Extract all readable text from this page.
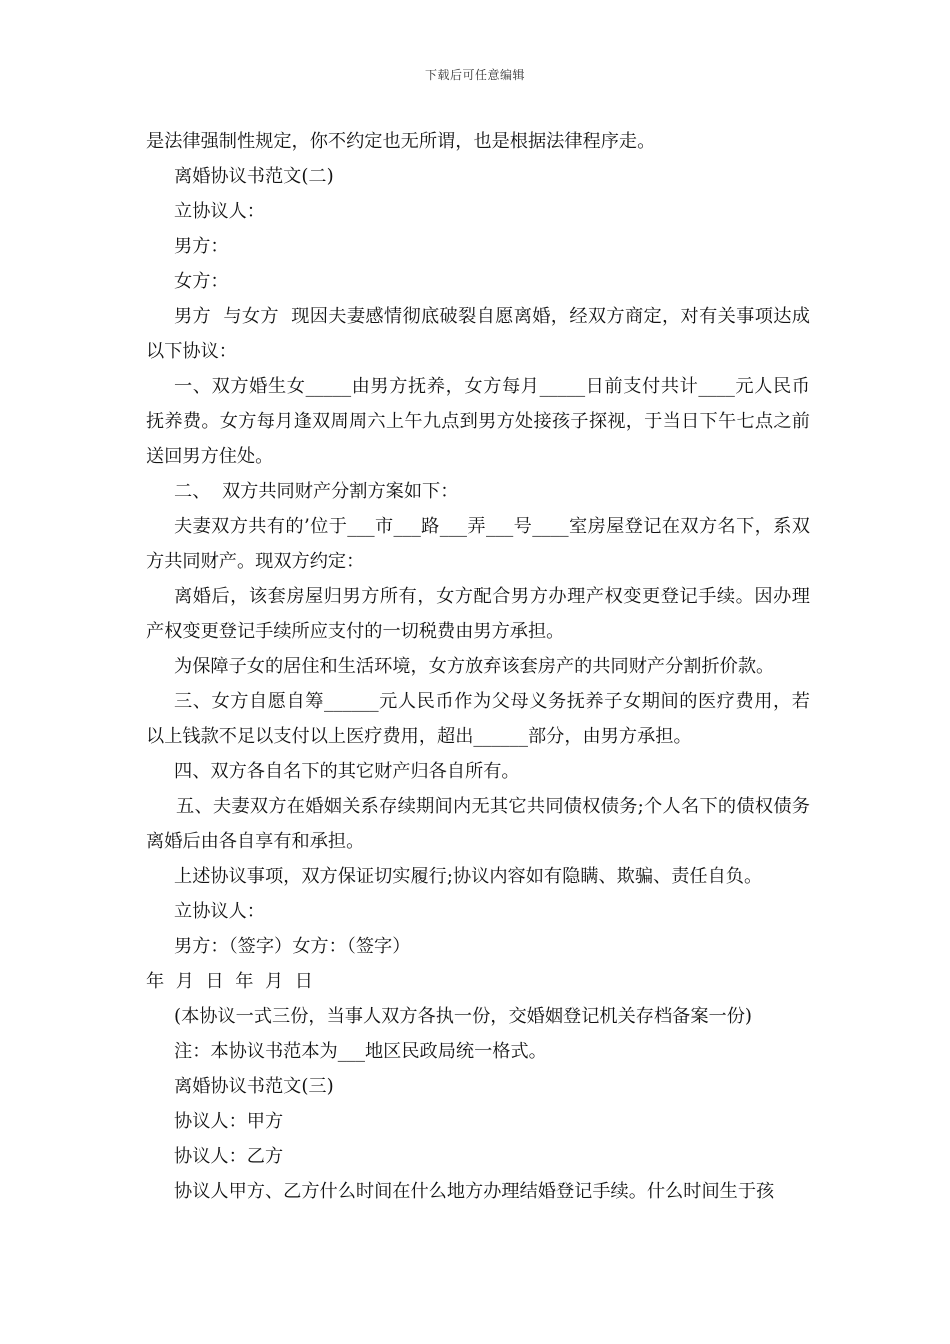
下载后可任意编辑

是法律强制性规定，你不约定也无所谓，也是根据法律程序走。

离婚协议书范文(二)

立协议人：

男方：

女方：

男方  与女方  现因夫妻感情彻底破裂自愿离婚，经双方商定，对有关事项达成以下协议：

一、双方婚生女_____由男方抚养，女方每月_____日前支付共计____元人民币抚养费。女方每月逢双周周六上午九点到男方处接孩子探视，于当日下午七点之前送回男方住处。

二、  双方共同财产分割方案如下：

夫妻双方共有的’位于___市___路___弄___号____室房屋登记在双方名下，系双方共同财产。现双方约定：

离婚后，该套房屋归男方所有，女方配合男方办理产权变更登记手续。因办理产权变更登记手续所应支付的一切税费由男方承担。

为保障子女的居住和生活环境，女方放弃该套房产的共同财产分割折价款。

三、女方自愿自筹______元人民币作为父母义务抚养子女期间的医疗费用，若以上钱款不足以支付以上医疗费用，超出______部分，由男方承担。

四、双方各自名下的其它财产归各自所有。

五、夫妻双方在婚姻关系存续期间内无其它共同债权债务;个人名下的债权债务离婚后由各自享有和承担。

上述协议事项，双方保证切实履行;协议内容如有隐瞒、欺骗、责任自负。

立协议人：

男方：（签字）女方：（签字）

年  月  日  年  月  日

(本协议一式三份，当事人双方各执一份，交婚姻登记机关存档备案一份)

注：本协议书范本为___地区民政局统一格式。

离婚协议书范文(三)

协议人：甲方

协议人：乙方

协议人甲方、乙方什么时间在什么地方办理结婚登记手续。什么时间生于孩
